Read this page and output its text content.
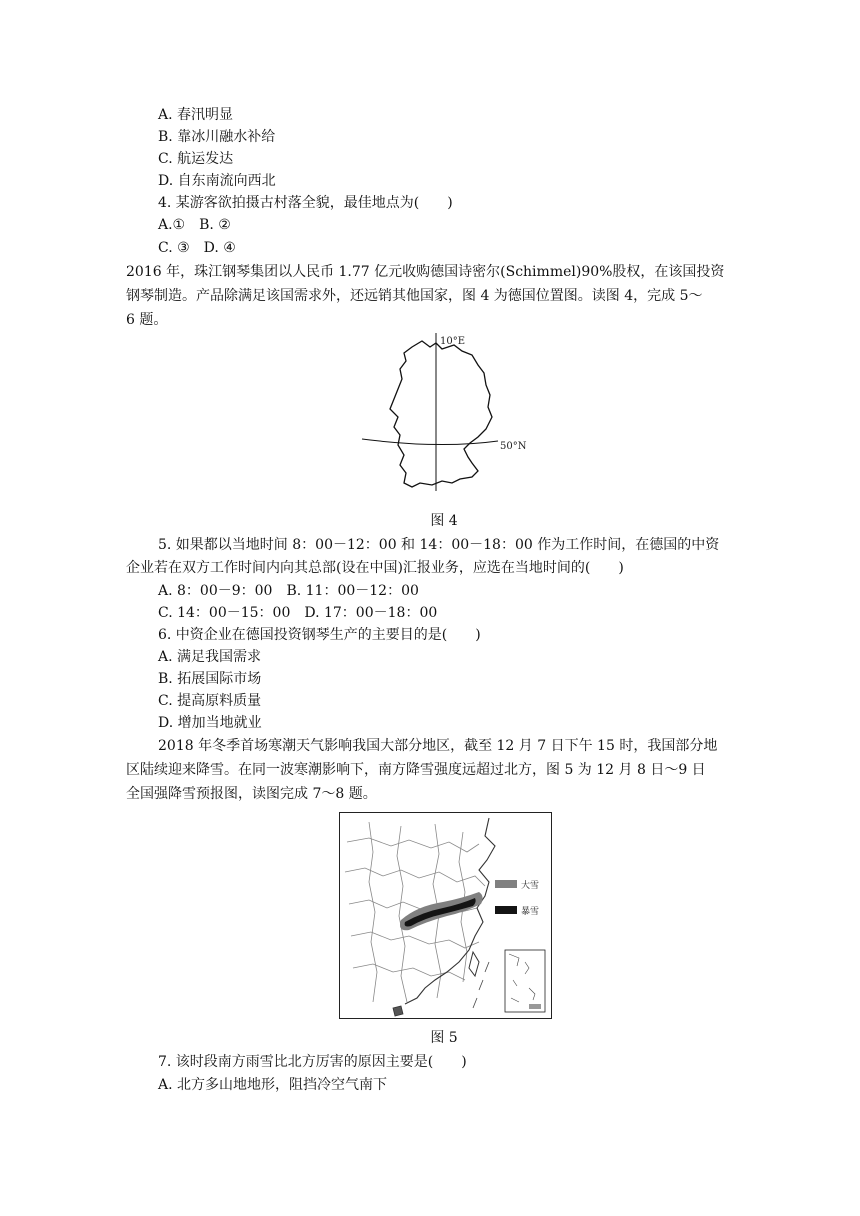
A. 春汛明显
B. 靠冰川融水补给
C. 航运发达
D. 自东南流向西北
4. 某游客欲拍摄古村落全貌，最佳地点为(　　)
A.①　B. ②
C. ③　D. ④
2016 年，珠江钢琴集团以人民币 1.77 亿元收购德国诗密尔(Schimmel)90%股权，在该国投资
钢琴制造。产品除满足该国需求外，还远销其他国家，图 4 为德国位置图。读图 4，完成 5～
6 题。
10°E
50°N
图 4
5. 如果都以当地时间 8：00－12：00 和 14：00－18：00 作为工作时间，在德国的中资
企业若在双方工作时间内向其总部(设在中国)汇报业务，应选在当地时间的(　　)
A. 8：00－9：00　B. 11：00－12：00
C. 14：00－15：00　D. 17：00－18：00
6. 中资企业在德国投资钢琴生产的主要目的是(　　)
A. 满足我国需求
B. 拓展国际市场
C. 提高原料质量
D. 增加当地就业
2018 年冬季首场寒潮天气影响我国大部分地区，截至 12 月 7 日下午 15 时，我国部分地
区陆续迎来降雪。在同一波寒潮影响下，南方降雪强度远超过北方，图 5 为 12 月 8 日～9 日
全国强降雪预报图，读图完成 7～8 题。
大雪
暴雪
图 5
7. 该时段南方雨雪比北方厉害的原因主要是(　　)
A. 北方多山地地形，阻挡冷空气南下
